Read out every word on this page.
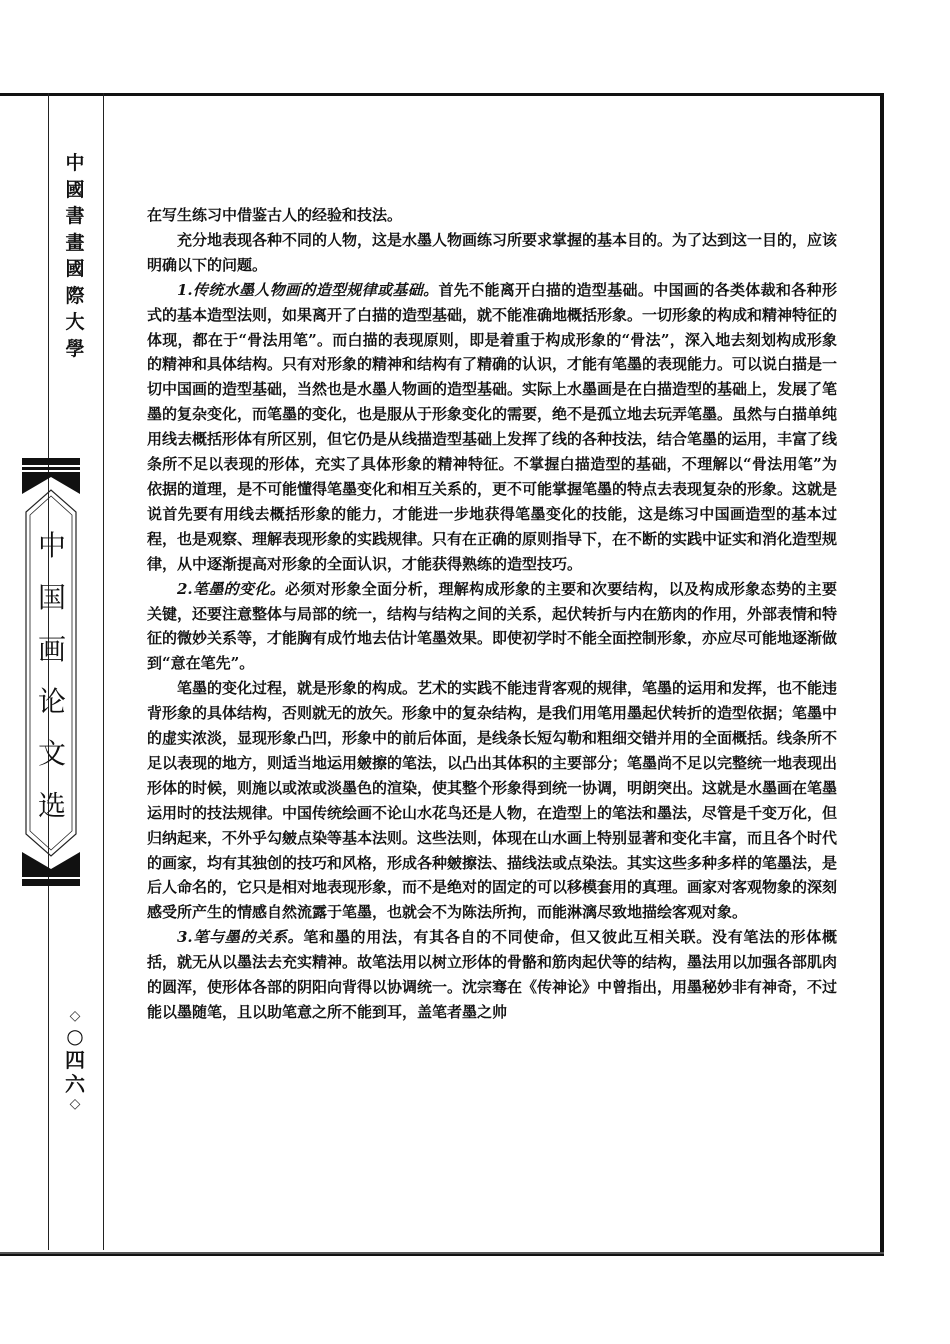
中
國
書
畫
國
際
大
學
中
国
画
论
文
选
◇
○
四
六
◇

在写生练习中借鉴古人的经验和技法。

充分地表现各种不同的人物，这是水墨人物画练习所要求掌握的基本目的。为了达到这一目的，应该明确以下的问题。

1.传统水墨人物画的造型规律或基础。首先不能离开白描的造型基础。中国画的各类体裁和各种形式的基本造型法则，如果离开了白描的造型基础，就不能准确地概括形象。一切形象的构成和精神特征的体现，都在于“骨法用笔”。而白描的表现原则，即是着重于构成形象的“骨法”，深入地去刻划构成形象的精神和具体结构。只有对形象的精神和结构有了精确的认识，才能有笔墨的表现能力。可以说白描是一切中国画的造型基础，当然也是水墨人物画的造型基础。实际上水墨画是在白描造型的基础上，发展了笔墨的复杂变化，而笔墨的变化，也是服从于形象变化的需要，绝不是孤立地去玩弄笔墨。虽然与白描单纯用线去概括形体有所区别，但它仍是从线描造型基础上发挥了线的各种技法，结合笔墨的运用，丰富了线条所不足以表现的形体，充实了具体形象的精神特征。不掌握白描造型的基础，不理解以“骨法用笔”为依据的道理，是不可能懂得笔墨变化和相互关系的，更不可能掌握笔墨的特点去表现复杂的形象。这就是说首先要有用线去概括形象的能力，才能进一步地获得笔墨变化的技能，这是练习中国画造型的基本过程，也是观察、理解表现形象的实践规律。只有在正确的原则指导下，在不断的实践中证实和消化造型规律，从中逐渐提高对形象的全面认识，才能获得熟练的造型技巧。

2.笔墨的变化。必须对形象全面分析，理解构成形象的主要和次要结构，以及构成形象态势的主要关键，还要注意整体与局部的统一，结构与结构之间的关系，起伏转折与内在筋肉的作用，外部表情和特征的微妙关系等，才能胸有成竹地去估计笔墨效果。即使初学时不能全面控制形象，亦应尽可能地逐渐做到“意在笔先”。

笔墨的变化过程，就是形象的构成。艺术的实践不能违背客观的规律，笔墨的运用和发挥，也不能违背形象的具体结构，否则就无的放矢。形象中的复杂结构，是我们用笔用墨起伏转折的造型依据；笔墨中的虚实浓淡，显现形象凸凹，形象中的前后体面，是线条长短勾勒和粗细交错并用的全面概括。线条所不足以表现的地方，则适当地运用皴擦的笔法，以凸出其体积的主要部分；笔墨尚不足以完整统一地表现出形体的时候，则施以或浓或淡墨色的渲染，使其整个形象得到统一协调，明朗突出。这就是水墨画在笔墨运用时的技法规律。中国传统绘画不论山水花鸟还是人物，在造型上的笔法和墨法，尽管是千变万化，但归纳起来，不外乎勾皴点染等基本法则。这些法则，体现在山水画上特别显著和变化丰富，而且各个时代的画家，均有其独创的技巧和风格，形成各种皴擦法、描线法或点染法。其实这些多种多样的笔墨法，是后人命名的，它只是相对地表现形象，而不是绝对的固定的可以移模套用的真理。画家对客观物象的深刻感受所产生的情感自然流露于笔墨，也就会不为陈法所拘，而能淋漓尽致地描绘客观对象。

3.笔与墨的关系。笔和墨的用法，有其各自的不同使命，但又彼此互相关联。没有笔法的形体概括，就无从以墨法去充实精神。故笔法用以树立形体的骨骼和筋肉起伏等的结构，墨法用以加强各部肌肉的圆浑，使形体各部的阴阳向背得以协调统一。沈宗骞在《传神论》中曾指出，用墨秘妙非有神奇，不过能以墨随笔，且以助笔意之所不能到耳，盖笔者墨之帅
